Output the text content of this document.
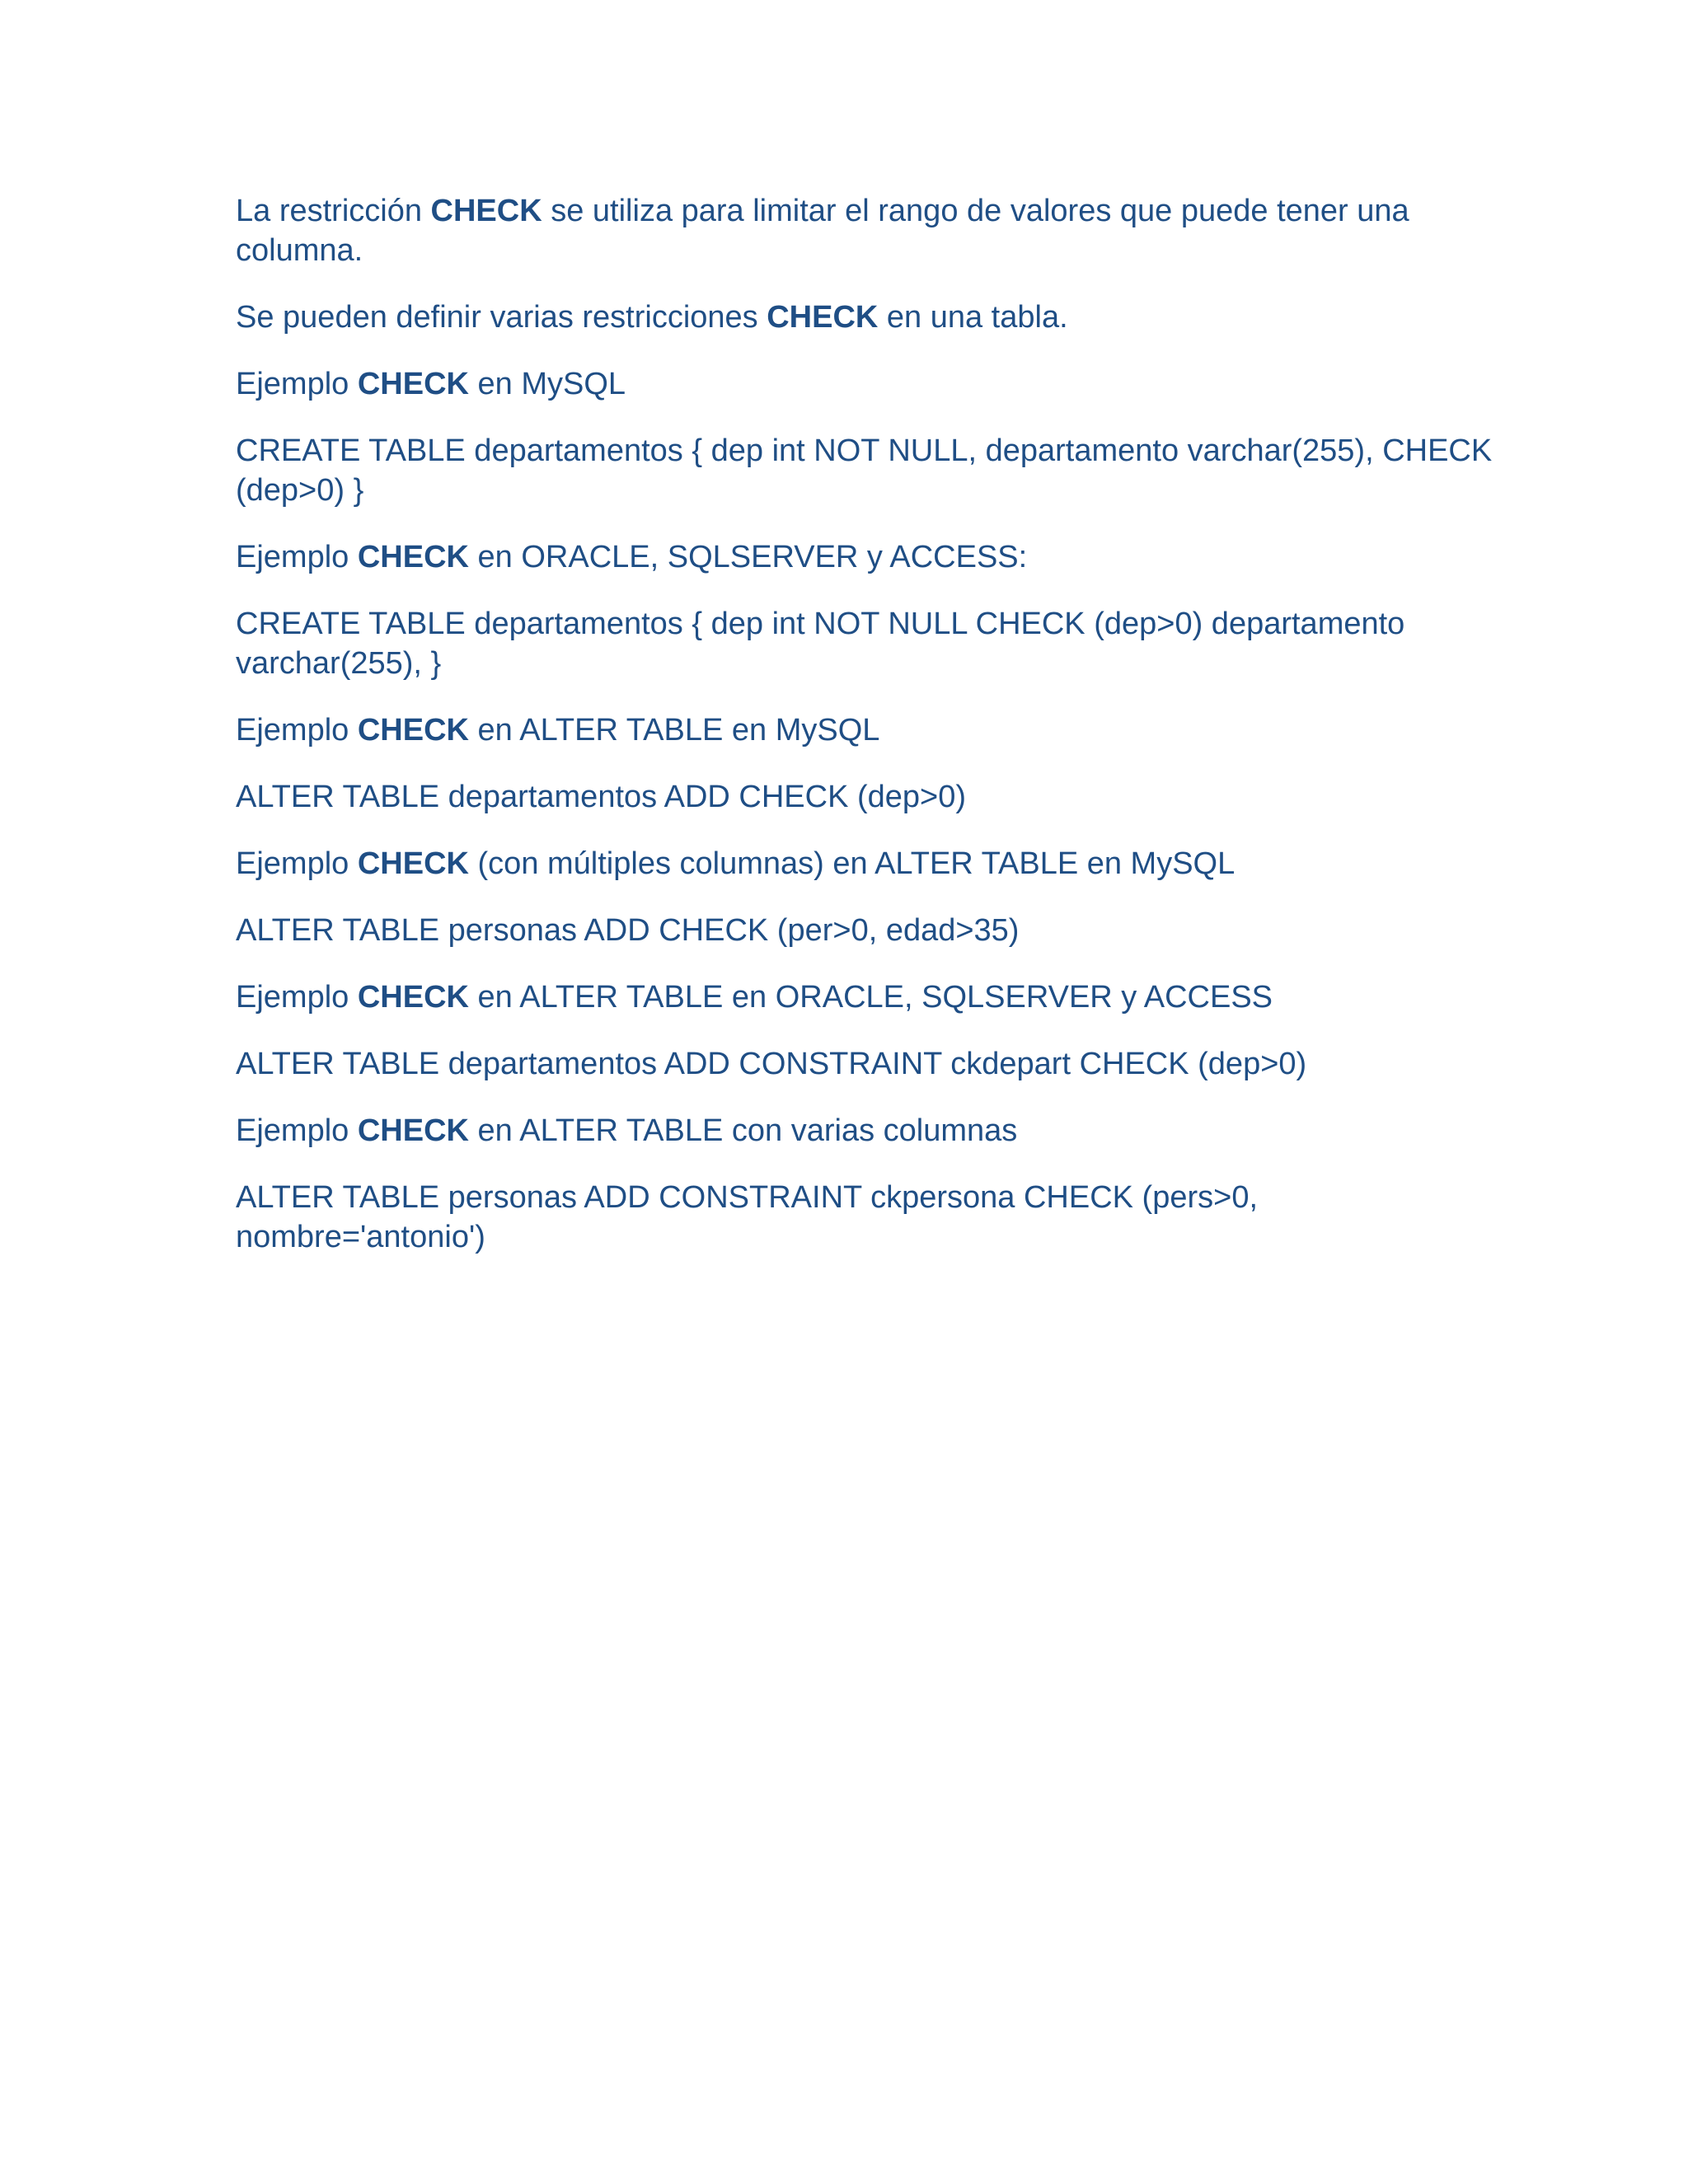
La restricción CHECK se utiliza para limitar el rango de valores que puede tener una columna.

Se pueden definir varias restricciones CHECK en una tabla.

Ejemplo CHECK en MySQL

CREATE TABLE departamentos { dep int NOT NULL, departamento varchar(255), CHECK (dep>0) }

Ejemplo CHECK en ORACLE, SQLSERVER y ACCESS:

CREATE TABLE departamentos { dep int NOT NULL CHECK (dep>0) departamento varchar(255), }

Ejemplo CHECK en ALTER TABLE en MySQL

ALTER TABLE departamentos ADD CHECK (dep>0)

Ejemplo CHECK (con múltiples columnas) en ALTER TABLE en MySQL

ALTER TABLE personas ADD CHECK (per>0, edad>35)

Ejemplo CHECK en ALTER TABLE en ORACLE, SQLSERVER y ACCESS

ALTER TABLE departamentos ADD CONSTRAINT ckdepart CHECK (dep>0)

Ejemplo CHECK en ALTER TABLE con varias columnas

ALTER TABLE personas ADD CONSTRAINT ckpersona CHECK (pers>0, nombre='antonio')
